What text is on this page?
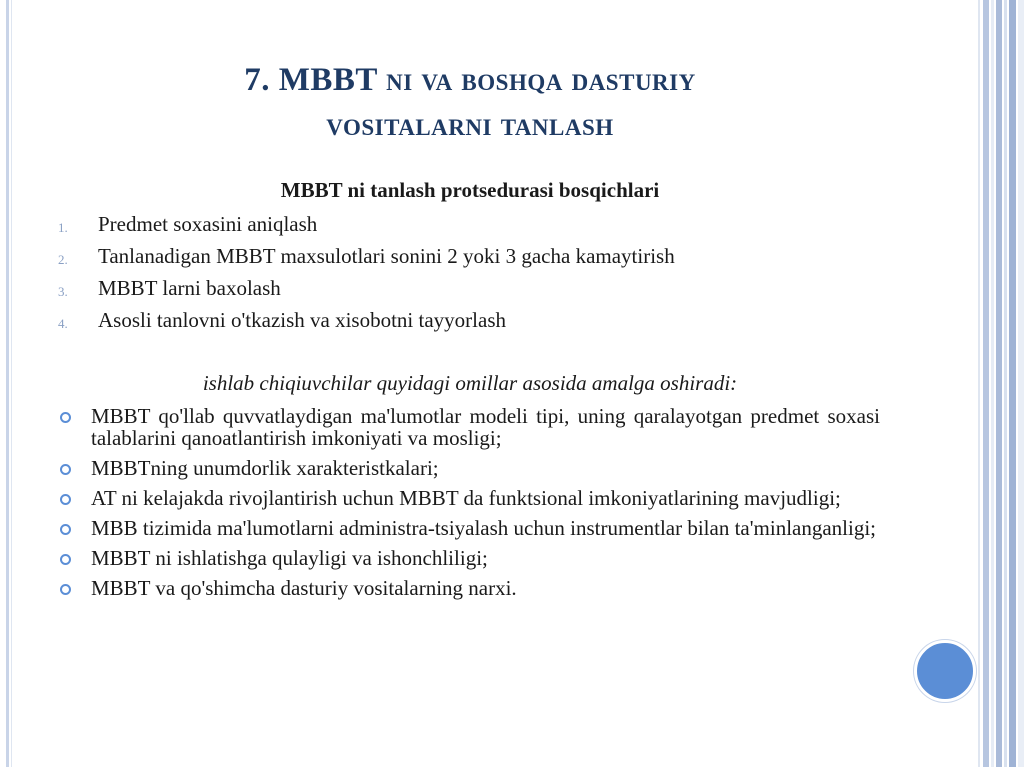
7. MBBT ni va boshqa dasturiy
vositalarni tanlash
MBBT ni tanlash protsedurasi bosqichlari
1. Predmet soxasini aniqlash
2. Tanlanadigan MBBT maxsulotlari sonini 2 yoki 3 gacha kamaytirish
3. MBBT larni baxolash
4. Asosli tanlovni o'tkazish va xisobotni tayyorlash
ishlab chiqiuvchilar quyidagi omillar asosida amalga oshiradi:
MBBT qo'llab quvvatlaydigan ma'lumotlar modeli tipi, uning qaralayotgan predmet soxasi talablarini qanoatlantirish imkoniyati va mosligi;
MBBTning unumdorlik xarakteristkalari;
AT ni kelajakda rivojlantirish uchun MBBT da funktsional imkoniyatlarining mavjudligi;
MBB tizimida ma'lumotlarni administra-tsiyalash uchun instrumentlar bilan ta'minlanganligi;
MBBT ni ishlatishga qulayligi va ishonchliligi;
MBBT va qo'shimcha dasturiy vositalarning narxi.
